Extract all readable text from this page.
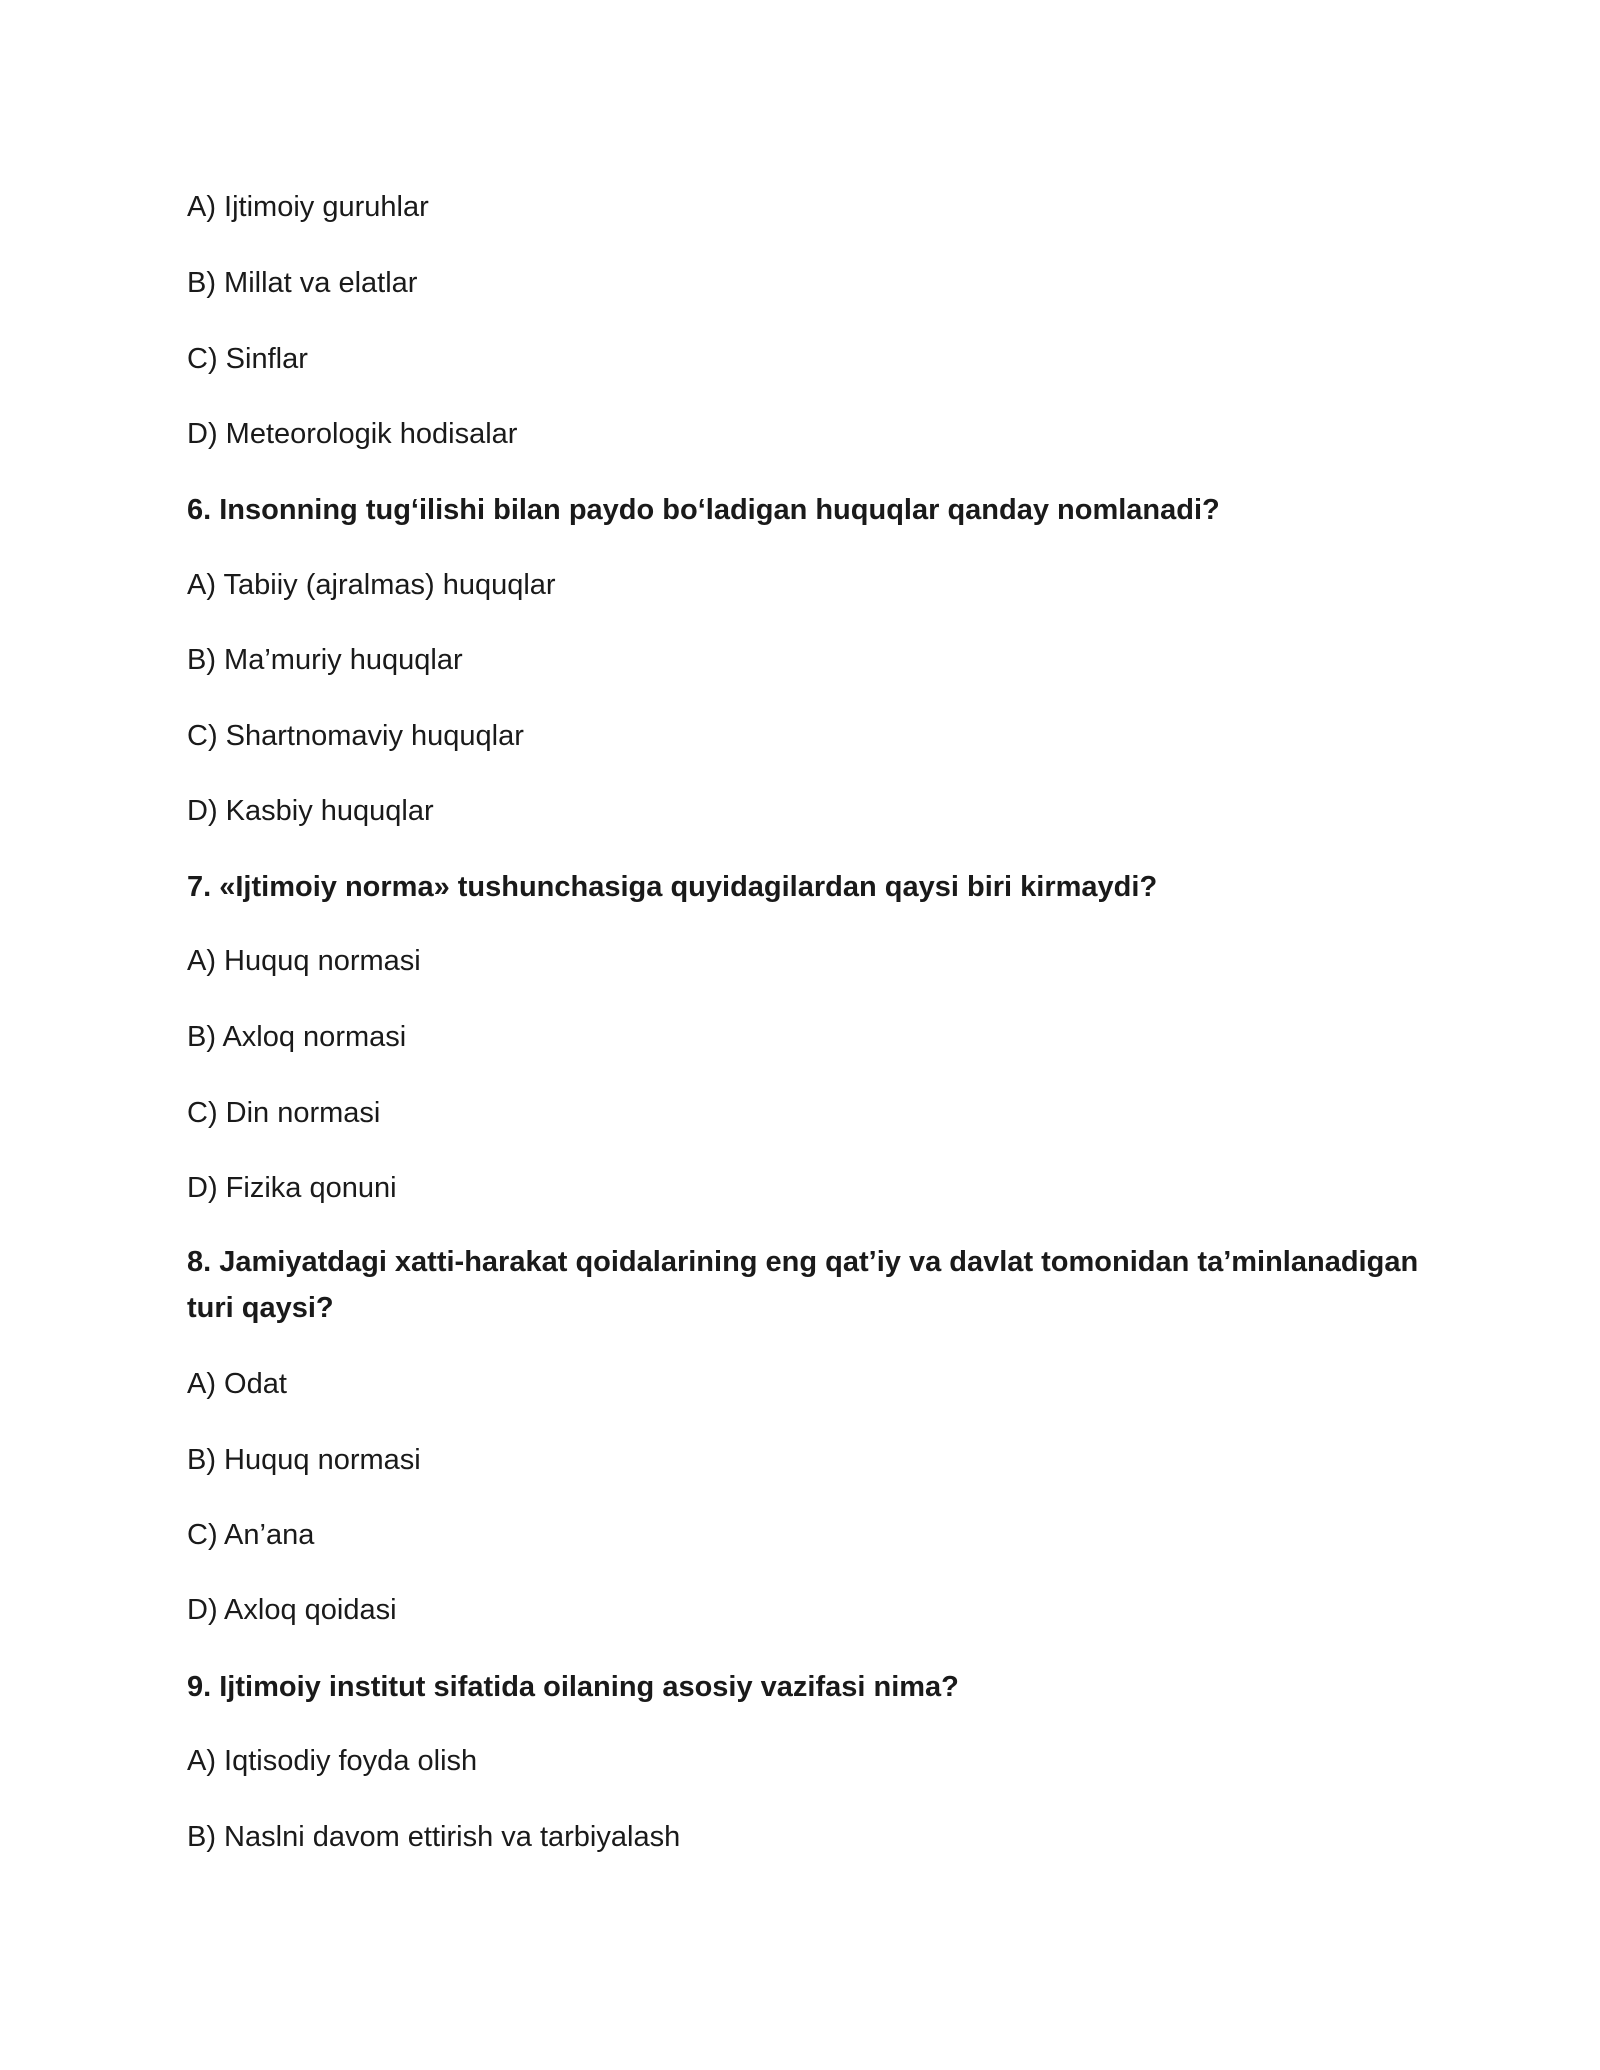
A) Ijtimoiy guruhlar
B) Millat va elatlar
C) Sinflar
D) Meteorologik hodisalar
6. Insonning tug‘ilishi bilan paydo bo‘ladigan huquqlar qanday nomlanadi?
A) Tabiiy (ajralmas) huquqlar
B) Ma’muriy huquqlar
C) Shartnomaviy huquqlar
D) Kasbiy huquqlar
7. «Ijtimoiy norma» tushunchasiga quyidagilardan qaysi biri kirmaydi?
A) Huquq normasi
B) Axloq normasi
C) Din normasi
D) Fizika qonuni
8. Jamiyatdagi xatti-harakat qoidalarining eng qat’iy va davlat tomonidan ta’minlanadigan turi qaysi?
A) Odat
B) Huquq normasi
C) An’ana
D) Axloq qoidasi
9. Ijtimoiy institut sifatida oilaning asosiy vazifasi nima?
A) Iqtisodiy foyda olish
B) Naslni davom ettirish va tarbiyalash
